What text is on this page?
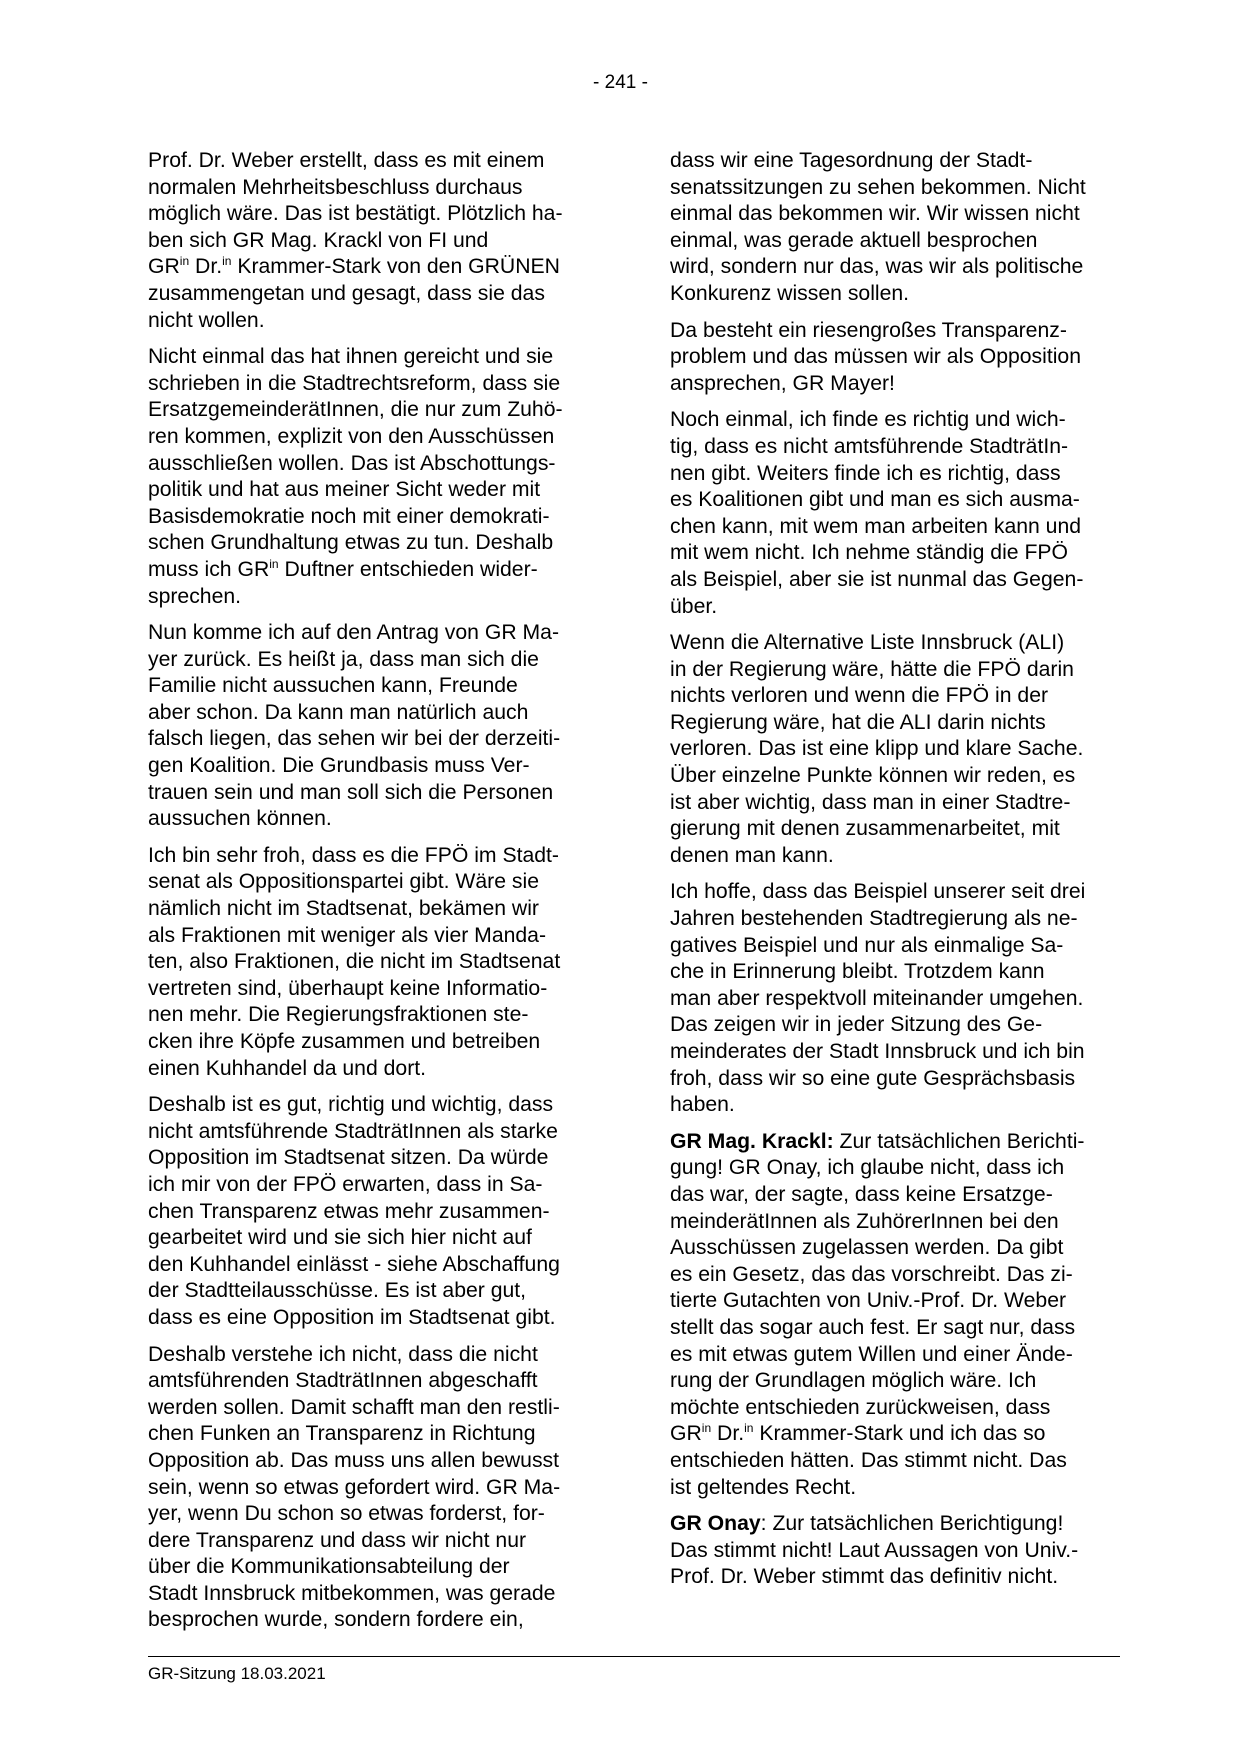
- 241 -

Prof. Dr. Weber erstellt, dass es mit einem
normalen Mehrheitsbeschluss durchaus
möglich wäre. Das ist bestätigt. Plötzlich ha-
ben sich GR Mag. Krackl von FI und
$GR^{in}$ Dr.$^{in}$ Krammer-Stark von den GRÜNEN
zusammengetan und gesagt, dass sie das
nicht wollen.

Nicht einmal das hat ihnen gereicht und sie
schrieben in die Stadtrechtsreform, dass sie
ErsatzgemeinderätInnen, die nur zum Zuhö-
ren kommen, explizit von den Ausschüssen
ausschließen wollen. Das ist Abschottungs-
politik und hat aus meiner Sicht weder mit
Basisdemokratie noch mit einer demokrati-
schen Grundhaltung etwas zu tun. Deshalb
muss ich $GR^{in}$ Duftner entschieden wider-
sprechen.

Nun komme ich auf den Antrag von GR Ma-
yer zurück. Es heißt ja, dass man sich die
Familie nicht aussuchen kann, Freunde
aber schon. Da kann man natürlich auch
falsch liegen, das sehen wir bei der derzeiti-
gen Koalition. Die Grundbasis muss Ver-
trauen sein und man soll sich die Personen
aussuchen können.

Ich bin sehr froh, dass es die FPÖ im Stadt-
senat als Oppositionspartei gibt. Wäre sie
nämlich nicht im Stadtsenat, bekämen wir
als Fraktionen mit weniger als vier Manda-
ten, also Fraktionen, die nicht im Stadtsenat
vertreten sind, überhaupt keine Informatio-
nen mehr. Die Regierungsfraktionen ste-
cken ihre Köpfe zusammen und betreiben
einen Kuhhandel da und dort.

Deshalb ist es gut, richtig und wichtig, dass
nicht amtsführende StadträtInnen als starke
Opposition im Stadtsenat sitzen. Da würde
ich mir von der FPÖ erwarten, dass in Sa-
chen Transparenz etwas mehr zusammen-
gearbeitet wird und sie sich hier nicht auf
den Kuhhandel einlässt - siehe Abschaffung
der Stadtteilausschüsse. Es ist aber gut,
dass es eine Opposition im Stadtsenat gibt.

Deshalb verstehe ich nicht, dass die nicht
amtsführenden StadträtInnen abgeschafft
werden sollen. Damit schafft man den restli-
chen Funken an Transparenz in Richtung
Opposition ab. Das muss uns allen bewusst
sein, wenn so etwas gefordert wird. GR Ma-
yer, wenn Du schon so etwas forderst, for-
dere Transparenz und dass wir nicht nur
über die Kommunikationsabteilung der
Stadt Innsbruck mitbekommen, was gerade
besprochen wurde, sondern fordere ein,

dass wir eine Tagesordnung der Stadt-
senatssitzungen zu sehen bekommen. Nicht
einmal das bekommen wir. Wir wissen nicht
einmal, was gerade aktuell besprochen
wird, sondern nur das, was wir als politische
Konkurenz wissen sollen.

Da besteht ein riesengroßes Transparenz-
problem und das müssen wir als Opposition
ansprechen, GR Mayer!

Noch einmal, ich finde es richtig und wich-
tig, dass es nicht amtsführende StadträtIn-
nen gibt. Weiters finde ich es richtig, dass
es Koalitionen gibt und man es sich ausma-
chen kann, mit wem man arbeiten kann und
mit wem nicht. Ich nehme ständig die FPÖ
als Beispiel, aber sie ist nunmal das Gegen-
über.

Wenn die Alternative Liste Innsbruck (ALI)
in der Regierung wäre, hätte die FPÖ darin
nichts verloren und wenn die FPÖ in der
Regierung wäre, hat die ALI darin nichts
verloren. Das ist eine klipp und klare Sache.
Über einzelne Punkte können wir reden, es
ist aber wichtig, dass man in einer Stadtre-
gierung mit denen zusammenarbeitet, mit
denen man kann.

Ich hoffe, dass das Beispiel unserer seit drei
Jahren bestehenden Stadtregierung als ne-
gatives Beispiel und nur als einmalige Sa-
che in Erinnerung bleibt. Trotzdem kann
man aber respektvoll miteinander umgehen.
Das zeigen wir in jeder Sitzung des Ge-
meinderates der Stadt Innsbruck und ich bin
froh, dass wir so eine gute Gesprächsbasis
haben.

GR Mag. Krackl: Zur tatsächlichen Berichti-
gung! GR Onay, ich glaube nicht, dass ich
das war, der sagte, dass keine Ersatzge-
meinderätInnen als ZuhörerInnen bei den
Ausschüssen zugelassen werden. Da gibt
es ein Gesetz, das das vorschreibt. Das zi-
tierte Gutachten von Univ.-Prof. Dr. Weber
stellt das sogar auch fest. Er sagt nur, dass
es mit etwas gutem Willen und einer Ände-
rung der Grundlagen möglich wäre. Ich
möchte entschieden zurückweisen, dass
$GR^{in}$ Dr.$^{in}$ Krammer-Stark und ich das so
entschieden hätten. Das stimmt nicht. Das
ist geltendes Recht.

GR Onay: Zur tatsächlichen Berichtigung!
Das stimmt nicht! Laut Aussagen von Univ.-
Prof. Dr. Weber stimmt das definitiv nicht.

GR-Sitzung 18.03.2021
